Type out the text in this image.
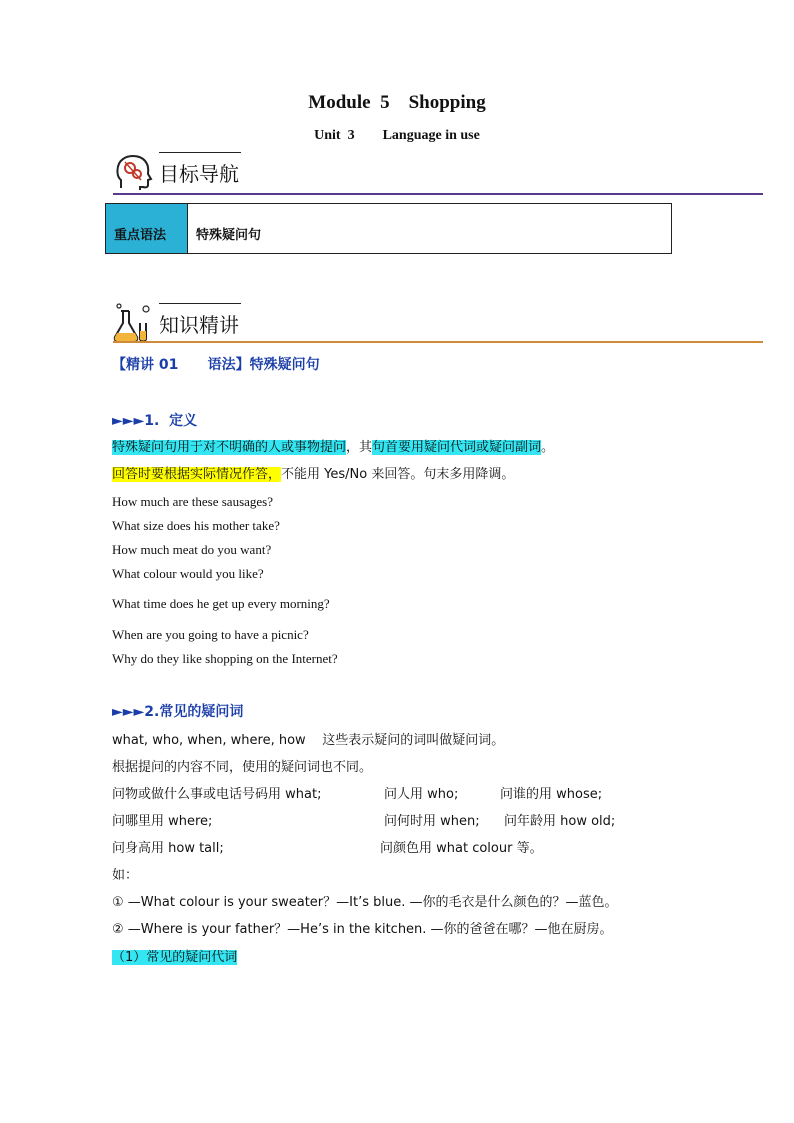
Module  5    Shopping
Unit  3        Language in use
目标导航
重点语法	特殊疑问句
知识精讲
【精讲 01      语法】特殊疑问句
►►►1.  定义
特殊疑问句用于对不明确的人或事物提问，其句首要用疑问代词或疑问副词。
回答时要根据实际情况作答，不能用 Yes/No 来回答。句末多用降调。
How much are these sausages?
What size does his mother take?
How much meat do you want?
What colour would you like?
What time does he get up every morning?
When are you going to have a picnic?
Why do they like shopping on the Internet?
►►►2.常见的疑问词
what, who, when, where, how    这些表示疑问的词叫做疑问词。
根据提问的内容不同，使用的疑问词也不同。
问物或做什么事或电话号码用 what;	问人用 who;	问谁的用 whose;
问哪里用 where;	问何时用 when; 问年龄用 how old;
问身高用 how tall;	问颜色用 what colour 等。
如：
① —What colour is your sweater？—It’s blue. —你的毛衣是什么颜色的？—蓝色。
② —Where is your father？—He’s in the kitchen. —你的爸爸在哪？—他在厨房。
（1）常见的疑问代词
